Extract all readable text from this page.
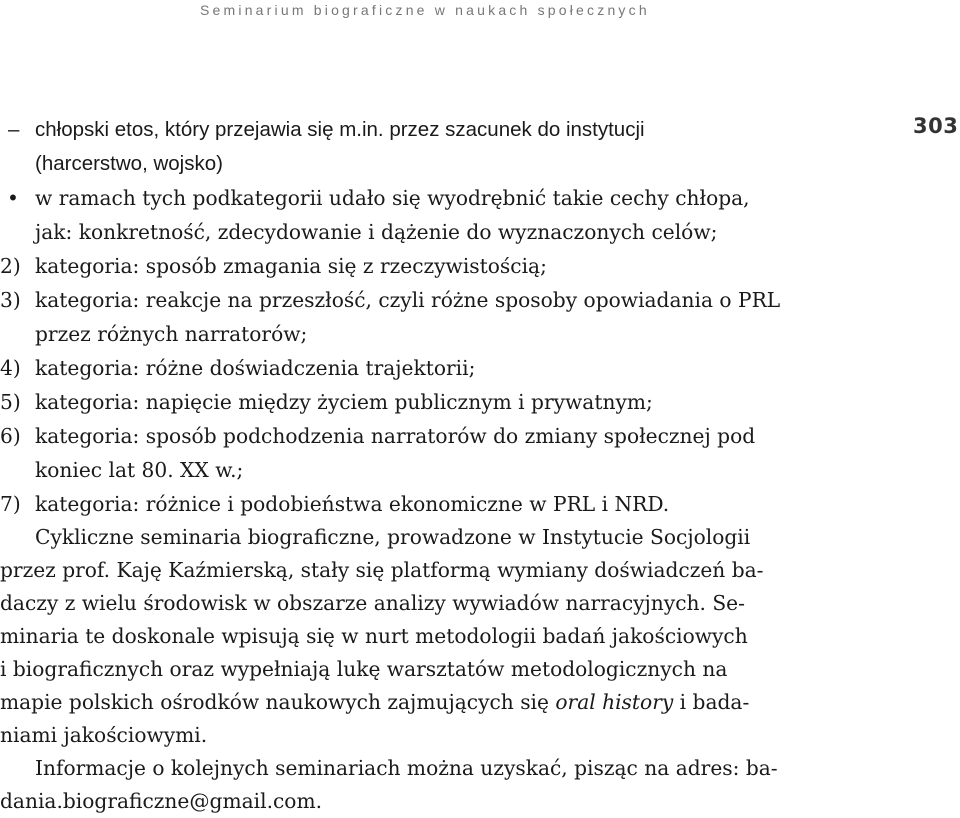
Seminarium biograficzne w naukach społecznych
303
– chłopski etos, który przejawia się m.in. przez szacunek do instytucji
(harcerstwo, wojsko)
• w ramach tych podkategorii udało się wyodrębnić takie cechy chłopa,
jak: konkretność, zdecydowanie i dążenie do wyznaczonych celów;
2) kategoria: sposób zmagania się z rzeczywistością;
3) kategoria: reakcje na przeszłość, czyli różne sposoby opowiadania o PRL
przez różnych narratorów;
4) kategoria: różne doświadczenia trajektorii;
5) kategoria: napięcie między życiem publicznym i prywatnym;
6) kategoria: sposób podchodzenia narratorów do zmiany społecznej pod
koniec lat 80. XX w.;
7) kategoria: różnice i podobieństwa ekonomiczne w PRL i NRD.
Cykliczne seminaria biograficzne, prowadzone w Instytucie Socjologii
przez prof. Kaję Kaźmierską, stały się platformą wymiany doświadczeń ba-
daczy z wielu środowisk w obszarze analizy wywiadów narracyjnych. Se-
minaria te doskonale wpisują się w nurt metodologii badań jakościowych
i biograficznych oraz wypełniają lukę warsztatów metodologicznych na
mapie polskich ośrodków naukowych zajmujących się oral history i bada-
niami jakościowymi.
Informacje o kolejnych seminariach można uzyskać, pisząc na adres: ba-
dania.biograficzne@gmail.com.
